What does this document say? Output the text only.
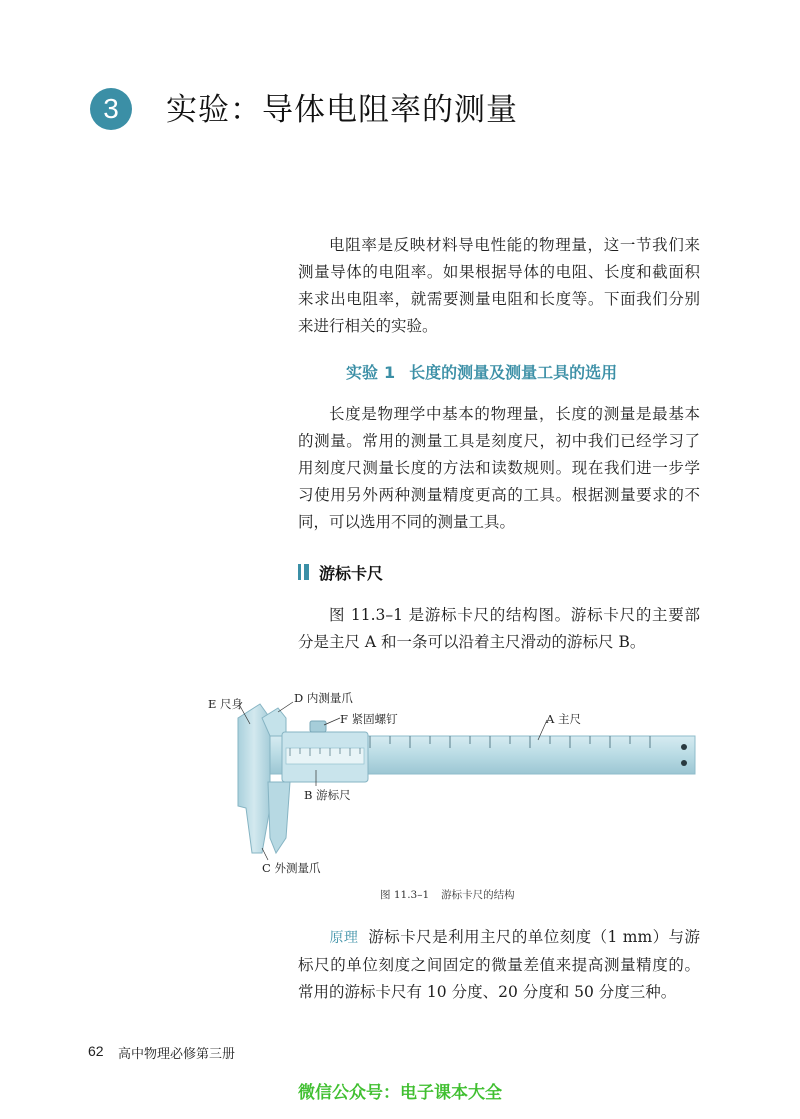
3	实验：导体电阻率的测量

电阻率是反映材料导电性能的物理量，这一节我们来测量导体的电阻率。如果根据导体的电阻、长度和截面积来求出电阻率，就需要测量电阻和长度等。下面我们分别来进行相关的实验。

实验 1 长度的测量及测量工具的选用

长度是物理学中基本的物理量，长度的测量是最基本的测量。常用的测量工具是刻度尺，初中我们已经学习了用刻度尺测量长度的方法和读数规则。现在我们进一步学习使用另外两种测量精度更高的工具。根据测量要求的不同，可以选用不同的测量工具。

游标卡尺

图 11.3–1 是游标卡尺的结构图。游标卡尺的主要部分是主尺 A 和一条可以沿着主尺滑动的游标尺 B。

E 尺身	D 内测量爪
F 紧固螺钉	A 主尺
B 游标尺
C 外测量爪
图 11.3–1 游标卡尺的结构

原理 游标卡尺是利用主尺的单位刻度（1 mm）与游标尺的单位刻度之间固定的微量差值来提高测量精度的。常用的游标卡尺有 10 分度、20 分度和 50 分度三种。

62 高中物理必修第三册
微信公众号：电子课本大全
